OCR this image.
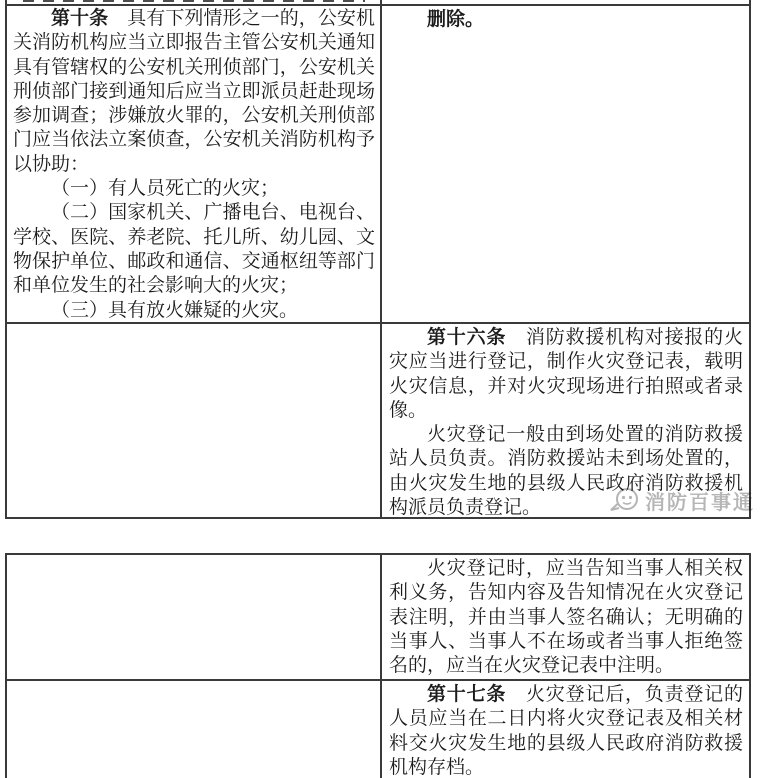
第十条　具有下列情形之一的，公安机关消防机构应当立即报告主管公安机关通知具有管辖权的公安机关刑侦部门，公安机关刑侦部门接到通知后应当立即派员赶赴现场参加调查；涉嫌放火罪的，公安机关刑侦部门应当依法立案侦查，公安机关消防机构予以协助：

（一）有人员死亡的火灾；

（二）国家机关、广播电台、电视台、学校、医院、养老院、托儿所、幼儿园、文物保护单位、邮政和通信、交通枢纽等部门和单位发生的社会影响大的火灾；

（三）具有放火嫌疑的火灾。

删除。

第十六条　消防救援机构对接报的火灾应当进行登记，制作火灾登记表，载明火灾信息，并对火灾现场进行拍照或者录像。

火灾登记一般由到场处置的消防救援站人员负责。消防救援站未到场处置的，由火灾发生地的县级人民政府消防救援机构派员负责登记。

火灾登记时，应当告知当事人相关权利义务，告知内容及告知情况在火灾登记表注明，并由当事人签名确认；无明确的当事人、当事人不在场或者当事人拒绝签名的，应当在火灾登记表中注明。

第十七条　火灾登记后，负责登记的人员应当在二日内将火灾登记表及相关材料交火灾发生地的县级人民政府消防救援机构存档。

消防百事通
